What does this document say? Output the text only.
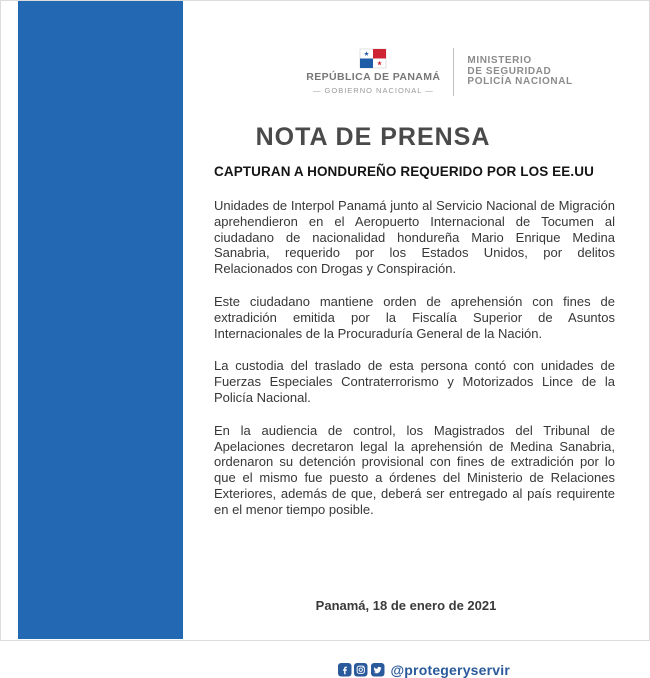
REPÚBLICA DE PANAMÁ
— GOBIERNO NACIONAL —
MINISTERIO
DE SEGURIDAD
POLICÍA NACIONAL
NOTA DE PRENSA
CAPTURAN A HONDUREÑO REQUERIDO POR LOS EE.UU

Unidades de Interpol Panamá junto al Servicio Nacional de Migración aprehendieron en el Aeropuerto Internacional de Tocumen al ciudadano de nacionalidad hondureña Mario Enrique Medina Sanabria, requerido por los Estados Unidos, por delitos Relacionados con Drogas y Conspiración.

Este ciudadano mantiene orden de aprehensión con fines de extradición emitida por la Fiscalía Superior de Asuntos Internacionales de la Procuraduría General de la Nación.

La custodia del traslado de esta persona contó con unidades de Fuerzas Especiales Contraterrorismo y Motorizados Lince de la Policía Nacional.

En la audiencia de control, los Magistrados del Tribunal de Apelaciones decretaron legal la aprehensión de Medina Sanabria, ordenaron su detención provisional con fines de extradición por lo que el mismo fue puesto a órdenes del Ministerio de Relaciones Exteriores, además de que, deberá ser entregado al país requirente en el menor tiempo posible.

Panamá, 18 de enero de 2021
@protegeryservir
